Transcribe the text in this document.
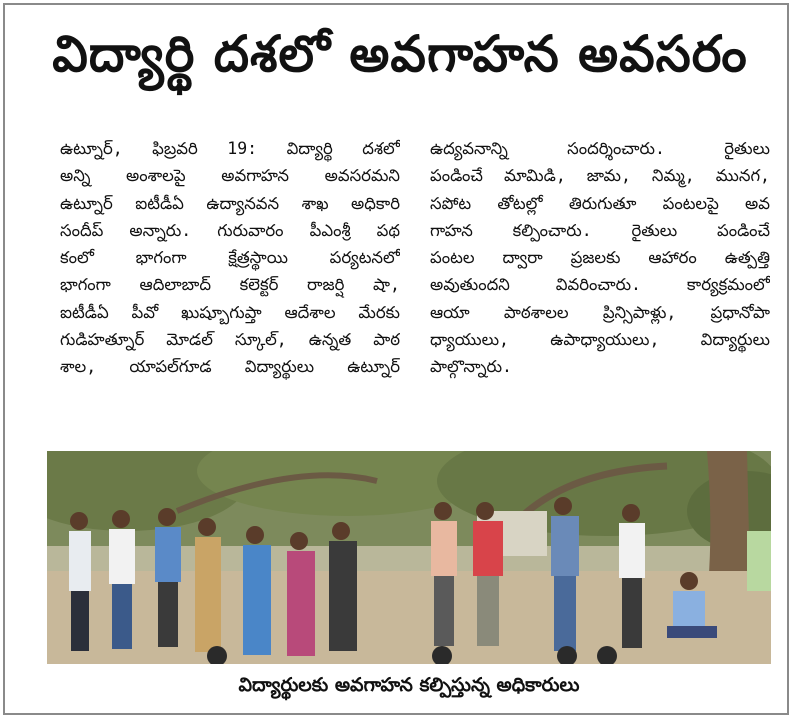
విద్యార్థి దశలో అవగాహన అవసరం
ఉట్నూర్, ఫిబ్రవరి 19: విద్యార్థి దశలో
అన్ని అంశాలపై అవగాహన అవసరమని
ఉట్నూర్ ఐటీడీఏ ఉద్యానవన శాఖ అధికారి
సందీప్ అన్నారు. గురువారం పీఎంశ్రీ పథ
కంలో భాగంగా క్షేత్రస్థాయి పర్యటనలో
భాగంగా ఆదిలాబాద్ కలెక్టర్ రాజర్షి షా,
ఐటీడీఏ పీవో ఖుష్బూగుప్తా ఆదేశాల మేరకు
గుడిహత్నూర్ మోడల్ స్కూల్, ఉన్నత పాఠ
శాల, యాపల్‌గూడ విద్యార్థులు ఉట్నూర్
ఉద్యవనాన్ని సందర్శించారు. రైతులు
పండించే మామిడి, జామ, నిమ్మ, మునగ,
సపోట తోటల్లో తిరుగుతూ పంటలపై అవ
గాహన కల్పించారు. రైతులు పండించే
పంటల ద్వారా ప్రజలకు ఆహారం ఉత్పత్తి
అవుతుందని వివరించారు. కార్యక్రమంలో
ఆయా పాఠశాలల ప్రిన్సిపాళ్లు, ప్రధానోపా
ధ్యాయులు, ఉపాధ్యాయులు, విద్యార్థులు
పాల్గొన్నారు.
విద్యార్థులకు అవగాహన కల్పిస్తున్న అధికారులు
